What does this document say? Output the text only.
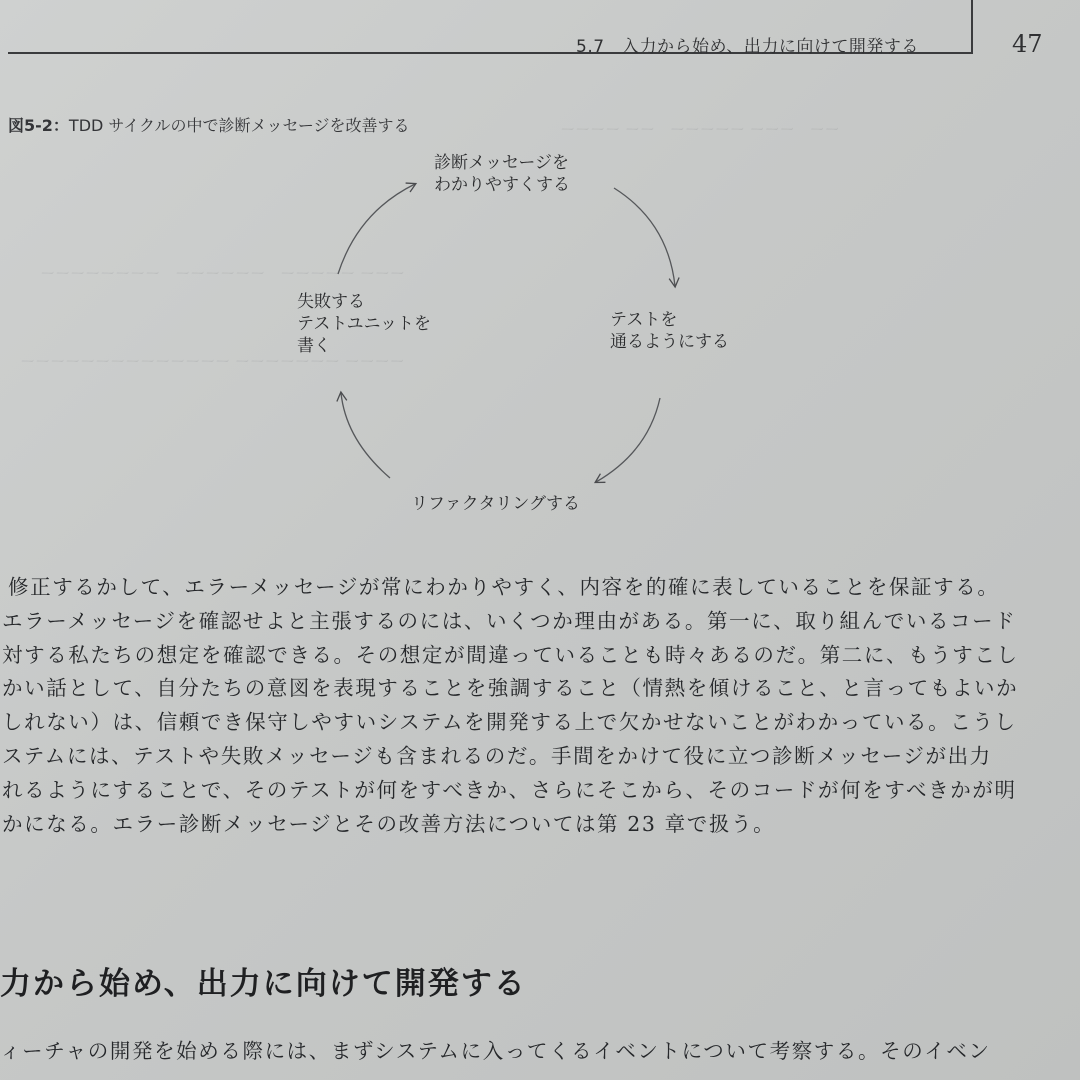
5.7　入力から始め、出力に向けて開発する	47
ーー　ーーー ーーーーー　ーー ーーーー
ーーー ーーーーー　ーーーーーー　ーーーーーーーー
ーーーー ーーーーーーー ーーーーーーーーーーーーーー
図5-2：TDD サイクルの中で診断メッセージを改善する
診断メッセージを
わかりやすくする
テストを
通るようにする
リファクタリングする
失敗する
テストユニットを
書く
修正するかして、エラーメッセージが常にわかりやすく、内容を的確に表していることを保証する。
エラーメッセージを確認せよと主張するのには、いくつか理由がある。第一に、取り組んでいるコード
対する私たちの想定を確認できる。その想定が間違っていることも時々あるのだ。第二に、もうすこし
かい話として、自分たちの意図を表現することを強調すること（情熱を傾けること、と言ってもよいか
しれない）は、信頼でき保守しやすいシステムを開発する上で欠かせないことがわかっている。こうし
ステムには、テストや失敗メッセージも含まれるのだ。手間をかけて役に立つ診断メッセージが出力
れるようにすることで、そのテストが何をすべきか、さらにそこから、そのコードが何をすべきかが明
かになる。エラー診断メッセージとその改善方法については第 23 章で扱う。
力から始め、出力に向けて開発する
ィーチャの開発を始める際には、まずシステムに入ってくるイベントについて考察する。そのイベン
